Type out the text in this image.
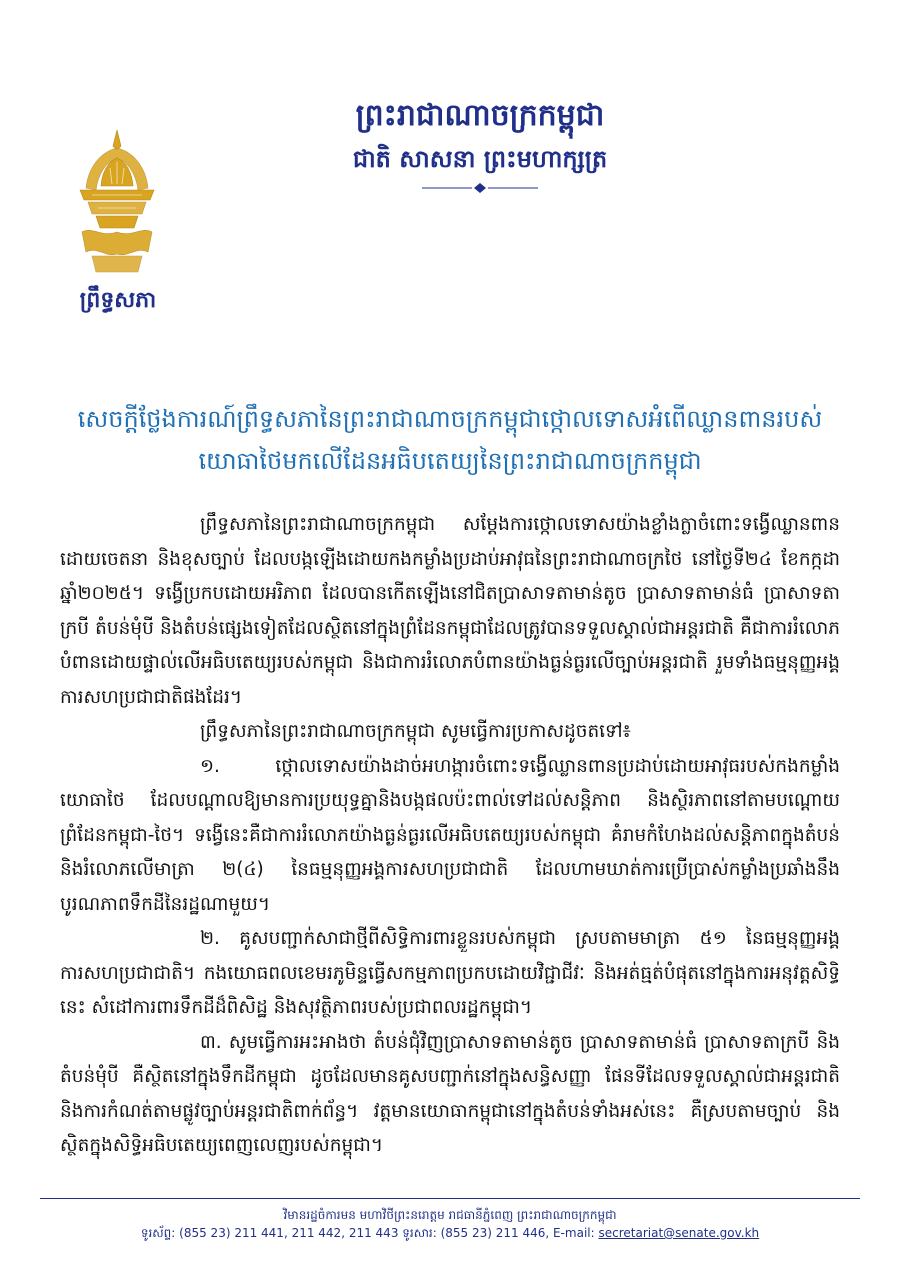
ព្រះរាជាណាចក្រកម្ពុជា
ជាតិ សាសនា ព្រះមហាក្សត្រ
ព្រឹទ្ធសភា
សេចក្តីថ្លែងការណ៍ព្រឹទ្ធសភានៃព្រះរាជាណាចក្រកម្ពុជាថ្កោលទោសអំពើឈ្លានពានរបស់
យោធាថៃមកលើដែនអធិបតេយ្យនៃព្រះរាជាណាចក្រកម្ពុជា

ព្រឹទ្ធសភានៃព្រះរាជាណាចក្រកម្ពុជា សម្តែងការថ្កោលទោសយ៉ាងខ្លាំងក្លាចំពោះទង្វើឈ្លានពានដោយចេតនា និងខុសច្បាប់ ដែលបង្កឡើងដោយកងកម្លាំងប្រដាប់អាវុធនៃព្រះរាជាណាចក្រថៃ នៅថ្ងៃទី២៤ ខែកក្កដា ឆ្នាំ២០២៥។ ទង្វើប្រកបដោយអរិភាព ដែលបានកើតឡើងនៅជិតប្រាសាទតាមាន់តូច ប្រាសាទតាមាន់ធំ ប្រាសាទតាក្របី តំបន់មុំបី និងតំបន់ផ្សេងទៀតដែលស្ថិតនៅក្នុងព្រំដែនកម្ពុជាដែលត្រូវបានទទួលស្គាល់ជាអន្តរជាតិ គឺជាការរំលោភបំពានដោយផ្ទាល់លើអធិបតេយ្យរបស់កម្ពុជា និងជាការរំលោភបំពានយ៉ាងធ្ងន់ធ្ងរលើច្បាប់អន្តរជាតិ រួមទាំងធម្មនុញ្ញអង្គការសហប្រជាជាតិផងដែរ។

ព្រឹទ្ធសភានៃព្រះរាជាណាចក្រកម្ពុជា សូមធ្វើការប្រកាសដូចតទៅ៖

១. ថ្កោលទោសយ៉ាងដាច់អហង្ការចំពោះទង្វើឈ្លានពានប្រដាប់ដោយអាវុធរបស់កងកម្លាំងយោធាថៃ ដែលបណ្តាលឱ្យមានការប្រយុទ្ធគ្នានិងបង្កផលប៉ះពាល់ទៅដល់សន្តិភាព និងស្ថិរភាពនៅតាមបណ្តោយព្រំដែនកម្ពុជា-ថៃ។ ទង្វើនេះគឺជាការរំលោភយ៉ាងធ្ងន់ធ្ងរលើអធិបតេយ្យរបស់កម្ពុជា គំរាមកំហែងដល់សន្តិភាពក្នុងតំបន់ និងរំលោភលើមាត្រា ២(៤) នៃធម្មនុញ្ញអង្គការសហប្រជាជាតិ ដែលហាមឃាត់ការប្រើប្រាស់កម្លាំងប្រឆាំងនឹងបូរណភាពទឹកដីនៃរដ្ឋណាមួយ។

២. គូសបញ្ជាក់សាជាថ្មីពីសិទ្ធិការពារខ្លួនរបស់កម្ពុជា ស្របតាមមាត្រា ៥១ នៃធម្មនុញ្ញអង្គការសហប្រជាជាតិ។ កងយោធពលខេមរភូមិន្ទធ្វើសកម្មភាពប្រកបដោយវិជ្ជាជីវៈ និងអត់ធ្មត់បំផុតនៅក្នុងការអនុវត្តសិទ្ធិនេះ សំដៅការពារទឹកដីដ៏ពិសិដ្ឋ និងសុវត្ថិភាពរបស់ប្រជាពលរដ្ឋកម្ពុជា។

៣. សូមធ្វើការអះអាងថា តំបន់ជុំវិញប្រាសាទតាមាន់តូច ប្រាសាទតាមាន់ធំ ប្រាសាទតាក្របី និងតំបន់មុំបី គឺស្ថិតនៅក្នុងទឹកដីកម្ពុជា ដូចដែលមានគូសបញ្ជាក់នៅក្នុងសន្ធិសញ្ញា ផែនទីដែលទទួលស្គាល់ជាអន្តរជាតិ និងការកំណត់តាមផ្លូវច្បាប់អន្តរជាតិពាក់ព័ន្ធ។ វត្តមានយោធាកម្ពុជានៅក្នុងតំបន់ទាំងអស់នេះ គឺស្របតាមច្បាប់ និងស្ថិតក្នុងសិទ្ធិអធិបតេយ្យពេញលេញរបស់កម្ពុជា។

វិមានរដ្ឋចំការមន មហាវិថីព្រះនរោត្តម រាជធានីភ្នំពេញ ព្រះរាជាណាចក្រកម្ពុជា
ទូរស័ព្ទ: (855 23) 211 441, 211 442, 211 443 ទូរសារ: (855 23) 211 446, E-mail: secretariat@senate.gov.kh
